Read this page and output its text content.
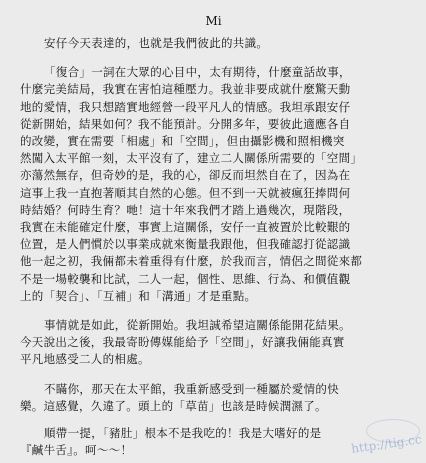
Mi
安仔今天表達的，也就是我們彼此的共識。
「復合」一詞在大眾的心目中，太有期待，什麼童話故事，
什麼完美結局，我實在害怕這種壓力。我並非要成就什麼驚天動
地的愛情，我只想踏實地經營一段平凡人的情感。我坦承跟安仔
從新開始，結果如何？我不能預計。分開多年，要彼此適應各自
的改變，實在需要「相處」和「空間」，但由攝影機和照相機突
然闖入太平館一刻，太平沒有了，建立二人關係所需要的「空間」
亦蕩然無存，但奇妙的是，我的心，卻反而坦然自在了，因為在
這事上我一直抱著順其自然的心態。但不到一天就被瘋狂捧問何
時結婚？何時生育？哋！這十年來我們才踏上過幾次，現階段，
我實在未能確定什麼，事實上這關係，安仔一直被置於比較艱的
位置，是人們慣於以事業成就來衡量我跟他，但我確認打從認識
他一起之初，我倆都未着重得有什麼，於我而言，情侶之間從來都
不是一場較襲和比試，二人一起，個性、思維、行為、和價值觀
上的「契合」、「互補」和「溝通」才是重點。
事情就是如此，從新開始。我坦誠希望這關係能開花結果。
今天說出之後，我最寄盼傳媒能給予「空間」，好讓我倆能真實
平凡地感受二人的相處。
不瞞你，那天在太平館，我重新感受到一種屬於愛情的快
樂。這感覺，久違了。頭上的「草苗」也該是時候潤濕了。
順帶一提，「豬肚」根本不是我吃的！我是大嗜好的是
『鹹牛舌』。呵～～！	http://tig.cc
